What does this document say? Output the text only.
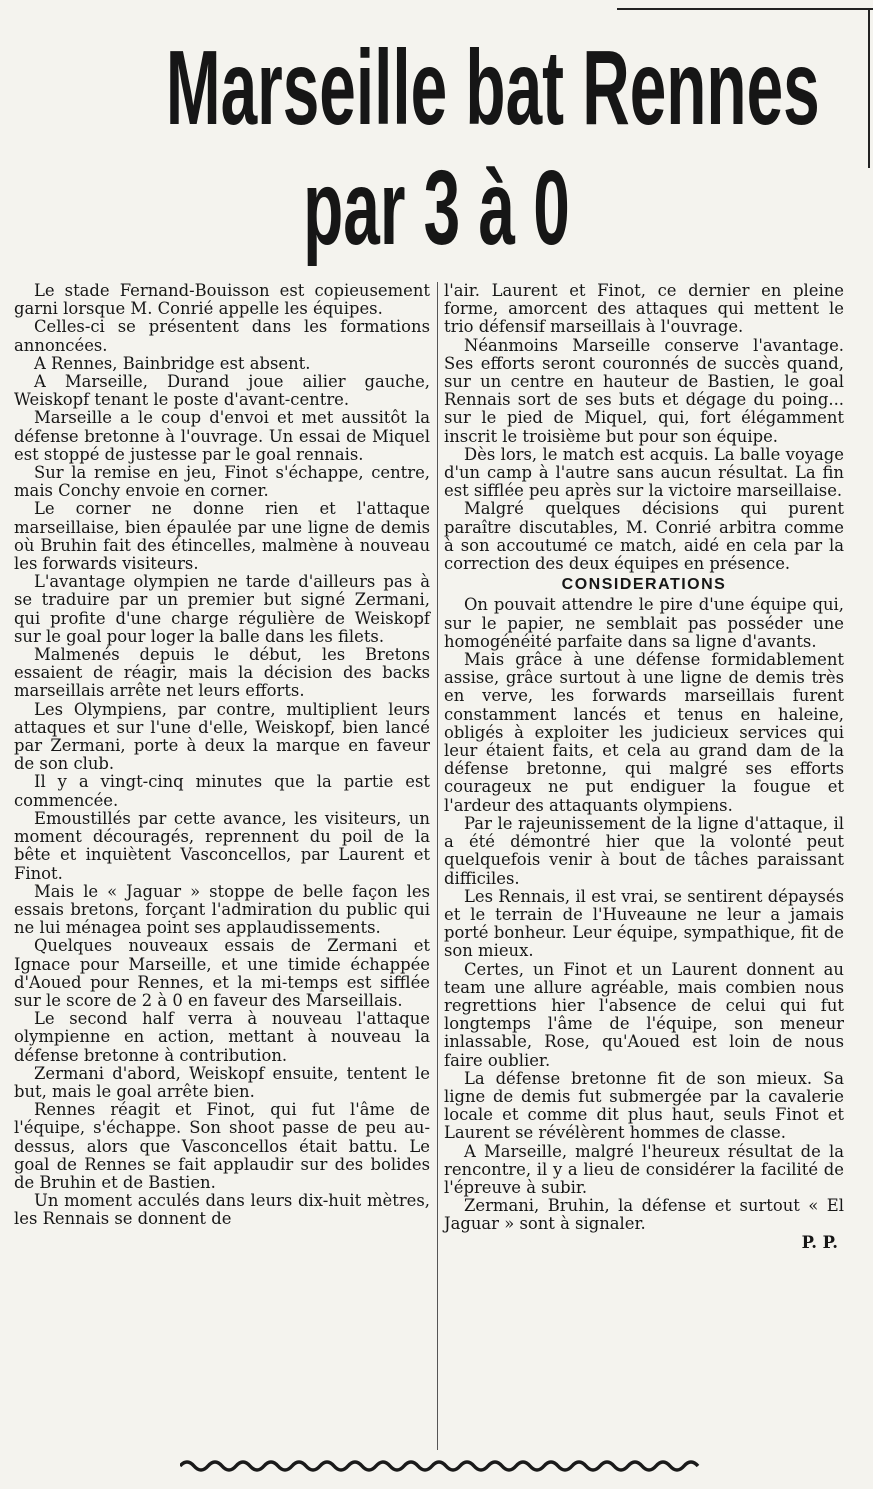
Marseille bat Rennes
par 3 à 0

Le stade Fernand-Bouisson est copieusement garni lorsque M. Conrié appelle les équipes.

Celles-ci se présentent dans les formations annoncées.

A Rennes, Bainbridge est absent.

A Marseille, Durand joue ailier gauche, Weiskopf tenant le poste d'avant-centre.

Marseille a le coup d'envoi et met aussitôt la défense bretonne à l'ouvrage. Un essai de Miquel est stoppé de justesse par le goal rennais.

Sur la remise en jeu, Finot s'échappe, centre, mais Conchy envoie en corner.

Le corner ne donne rien et l'attaque marseillaise, bien épaulée par une ligne de demis où Bruhin fait des étincelles, malmène à nouveau les forwards visiteurs.

L'avantage olympien ne tarde d'ailleurs pas à se traduire par un premier but signé Zermani, qui profite d'une charge régulière de Weiskopf sur le goal pour loger la balle dans les filets.

Malmenés depuis le début, les Bretons essaient de réagir, mais la décision des backs marseillais arrête net leurs efforts.

Les Olympiens, par contre, multiplient leurs attaques et sur l'une d'elle, Weiskopf, bien lancé par Zermani, porte à deux la marque en faveur de son club.

Il y a vingt-cinq minutes que la partie est commencée.

Emoustillés par cette avance, les visiteurs, un moment découragés, reprennent du poil de la bête et inquiètent Vasconcellos, par Laurent et Finot.

Mais le « Jaguar » stoppe de belle façon les essais bretons, forçant l'admiration du public qui ne lui ménagea point ses applaudissements.

Quelques nouveaux essais de Zermani et Ignace pour Marseille, et une timide échappée d'Aoued pour Rennes, et la mi-temps est sifflée sur le score de 2 à 0 en faveur des Marseillais.

Le second half verra à nouveau l'attaque olympienne en action, mettant à nouveau la défense bretonne à contribution.

Zermani d'abord, Weiskopf ensuite, tentent le but, mais le goal arrête bien.

Rennes réagit et Finot, qui fut l'âme de l'équipe, s'échappe. Son shoot passe de peu au-dessus, alors que Vasconcellos était battu. Le goal de Rennes se fait applaudir sur des bolides de Bruhin et de Bastien.

Un moment acculés dans leurs dix-huit mètres, les Rennais se donnent de

l'air. Laurent et Finot, ce dernier en pleine forme, amorcent des attaques qui mettent le trio défensif marseillais à l'ouvrage.

Néanmoins Marseille conserve l'avantage. Ses efforts seront couronnés de succès quand, sur un centre en hauteur de Bastien, le goal Rennais sort de ses buts et dégage du poing... sur le pied de Miquel, qui, fort élégamment inscrit le troisième but pour son équipe.

Dès lors, le match est acquis. La balle voyage d'un camp à l'autre sans aucun résultat. La fin est sifflée peu après sur la victoire marseillaise.

Malgré quelques décisions qui purent paraître discutables, M. Conrié arbitra comme à son accoutumé ce match, aidé en cela par la correction des deux équipes en présence.

CONSIDERATIONS

On pouvait attendre le pire d'une équipe qui, sur le papier, ne semblait pas posséder une homogénéité parfaite dans sa ligne d'avants.

Mais grâce à une défense formidablement assise, grâce surtout à une ligne de demis très en verve, les forwards marseillais furent constamment lancés et tenus en haleine, obligés à exploiter les judicieux services qui leur étaient faits, et cela au grand dam de la défense bretonne, qui malgré ses efforts courageux ne put endiguer la fougue et l'ardeur des attaquants olympiens.

Par le rajeunissement de la ligne d'attaque, il a été démontré hier que la volonté peut quelquefois venir à bout de tâches paraissant difficiles.

Les Rennais, il est vrai, se sentirent dépaysés et le terrain de l'Huveaune ne leur a jamais porté bonheur. Leur équipe, sympathique, fit de son mieux.

Certes, un Finot et un Laurent donnent au team une allure agréable, mais combien nous regrettions hier l'absence de celui qui fut longtemps l'âme de l'équipe, son meneur inlassable, Rose, qu'Aoued est loin de nous faire oublier.

La défense bretonne fit de son mieux. Sa ligne de demis fut submergée par la cavalerie locale et comme dit plus haut, seuls Finot et Laurent se révélèrent hommes de classe.

A Marseille, malgré l'heureux résultat de la rencontre, il y a lieu de considérer la facilité de l'épreuve à subir.

Zermani, Bruhin, la défense et surtout « El Jaguar » sont à signaler.

P. P.
